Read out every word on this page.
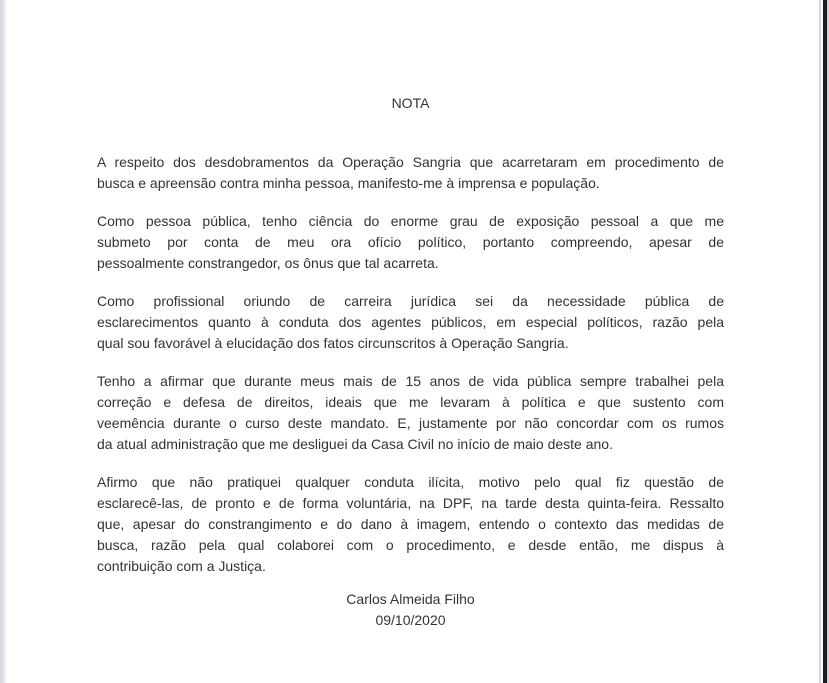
NOTA
A respeito dos desdobramentos da Operação Sangria que acarretaram em procedimento de
busca e apreensão contra minha pessoa, manifesto-me à imprensa e população.
Como pessoa pública, tenho ciência do enorme grau de exposição pessoal a que me
submeto por conta de meu ora ofício político, portanto compreendo, apesar de
pessoalmente constrangedor, os ônus que tal acarreta.
Como profissional oriundo de carreira jurídica sei da necessidade pública de
esclarecimentos quanto à conduta dos agentes públicos, em especial políticos, razão pela
qual sou favorável à elucidação dos fatos circunscritos à Operação Sangria.
Tenho a afirmar que durante meus mais de 15 anos de vida pública sempre trabalhei pela
correção e defesa de direitos, ideais que me levaram à política e que sustento com
veemência durante o curso deste mandato. E, justamente por não concordar com os rumos
da atual administração que me desliguei da Casa Civil no início de maio deste ano.
Afirmo que não pratiquei qualquer conduta ilícita, motivo pelo qual fiz questão de
esclarecê-las, de pronto e de forma voluntária, na DPF, na tarde desta quinta-feira. Ressalto
que, apesar do constrangimento e do dano à imagem, entendo o contexto das medidas de
busca, razão pela qual colaborei com o procedimento, e desde então, me dispus à
contribuição com a Justiça.
Carlos Almeida Filho
09/10/2020
